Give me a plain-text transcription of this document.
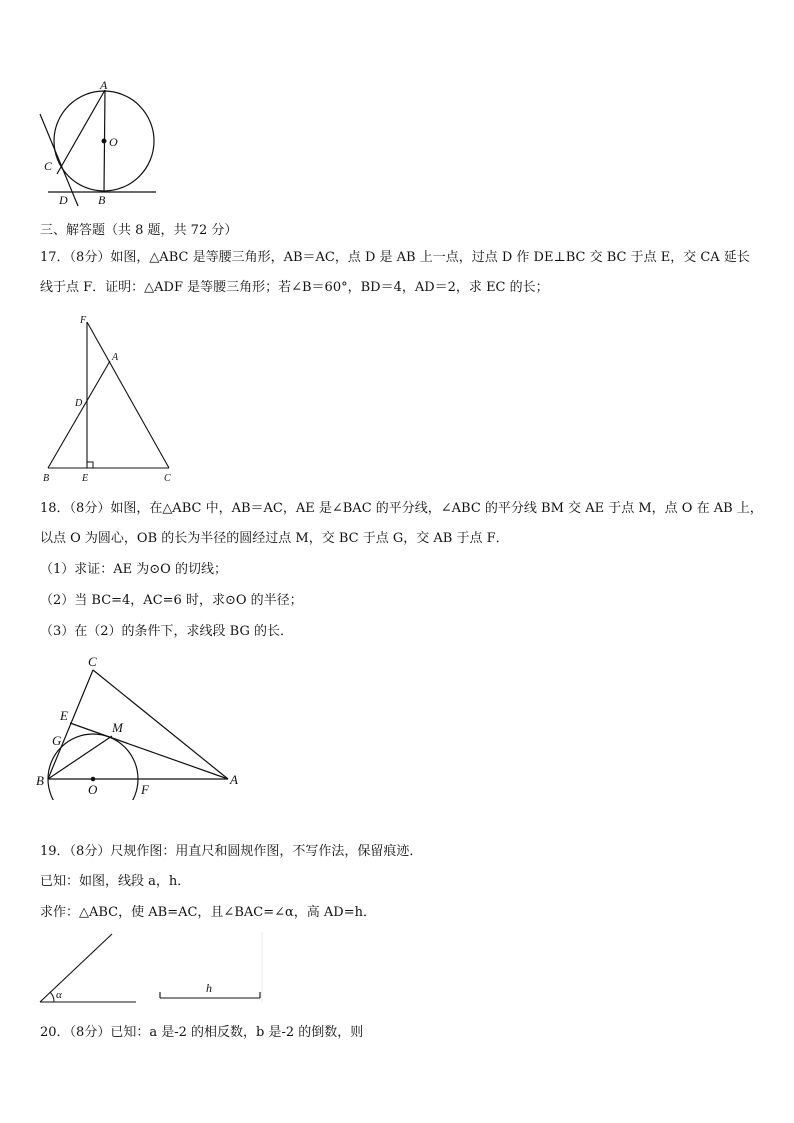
A
O
C
D	B
三、解答题（共 8 题，共 72 分）
17．（8分）如图，△ABC 是等腰三角形，AB＝AC，点 D 是 AB 上一点，过点 D 作 DE⊥BC 交 BC 于点 E，交 CA 延长
线于点 F．证明：△ADF 是等腰三角形；若∠B＝60°，BD＝4，AD＝2，求 EC 的长；
F
A
D
B	E	C
18．（8分）如图，在△ABC 中，AB＝AC，AE 是∠BAC 的平分线，∠ABC 的平分线 BM 交 AE 于点 M，点 O 在 AB 上，
以点 O 为圆心，OB 的长为半径的圆经过点 M，交 BC 于点 G，交 AB 于点 F．
（1）求证：AE 为⊙O 的切线；
（2）当 BC=4，AC=6 时，求⊙O 的半径；
（3）在（2）的条件下，求线段 BG 的长．
C
E
M
G
B
O	F
A
19．（8分）尺规作图：用直尺和圆规作图，不写作法，保留痕迹．
已知：如图，线段 a，h．
求作：△ABC，使 AB=AC，且∠BAC=∠α，高 AD=h．
α	h
20．（8分）已知：a 是-2 的相反数，b 是-2 的倒数，则
